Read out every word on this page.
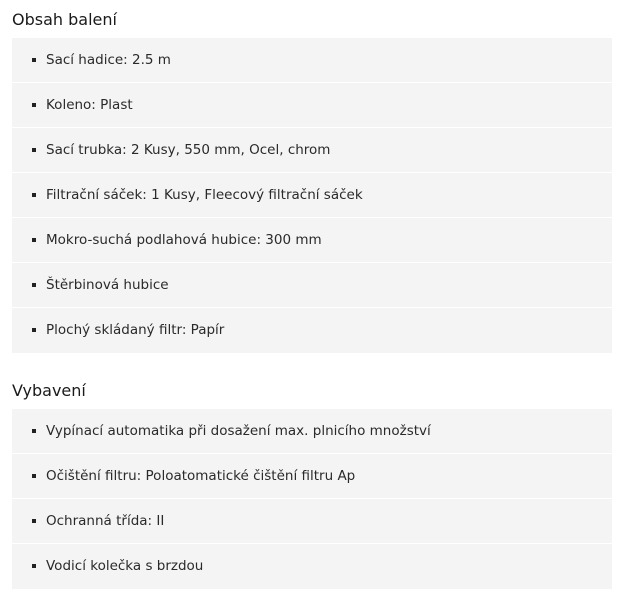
Obsah balení
Sací hadice: 2.5 m
Koleno: Plast
Sací trubka: 2 Kusy, 550 mm, Ocel, chrom
Filtrační sáček: 1 Kusy, Fleecový filtrační sáček
Mokro-suchá podlahová hubice: 300 mm
Štěrbinová hubice
Plochý skládaný filtr: Papír
Vybavení
Vypínací automatika při dosažení max. plnicího množství
Očištění filtru: Poloatomatické čištění filtru Ap
Ochranná třída: II
Vodicí kolečka s brzdou
